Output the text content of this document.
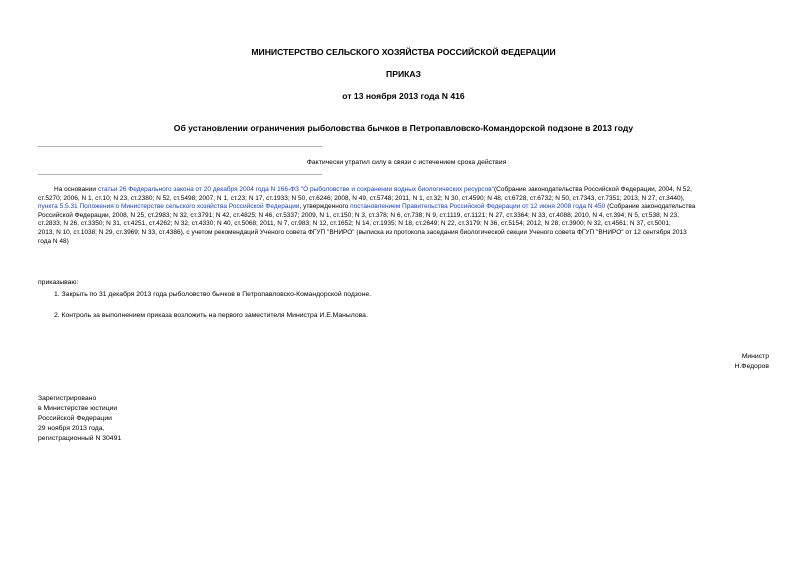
МИНИСТЕРСТВО СЕЛЬСКОГО ХОЗЯЙСТВА РОССИЙСКОЙ ФЕДЕРАЦИИ
ПРИКАЗ
от 13 ноября 2013 года N 416
Об установлении ограничения рыболовства бычков в Петропавловско-Командорской подзоне в 2013 году
Фактически утратил силу в связи с истечением срока действия
На основании статьи 26 Федерального закона от 20 декабря 2004 года N 166-ФЗ "О рыболовстве и сохранении водных биологических ресурсов"(Собрание законодательства Российской Федерации, 2004, N 52,
ст.5270; 2006, N 1, ст.10; N 23, ст.2380; N 52, ст.5498; 2007, N 1, ст.23; N 17, ст.1933; N 50, ст.6246; 2008, N 49, ст.5748; 2011, N 1, ст.32; N 30, ст.4590; N 48, ст.6728, ст.6732; N 50, ст.7343, ст.7351; 2013, N 27, ст.3440),
пункта 5.5.31 Положения о Министерстве сельского хозяйства Российской Федерации, утвержденного постановлением Правительства Российской Федерации от 12 июня 2008 года N 450 (Собрание законодательства
Российской Федерации, 2008, N 25, ст.2983; N 32, ст.3791; N 42, ст.4825; N 46, ст.5337; 2009, N 1, ст.150; N 3, ст.378; N 6, ст.738; N 9, ст.1119, ст.1121; N 27, ст.3364; N 33, ст.4088; 2010, N 4, ст.394; N 5, ст.538; N 23,
ст.2833; N 26, ст.3350; N 31, ст.4251, ст.4262; N 32, ст.4330; N 40, ст.5068; 2011, N 7, ст.983; N 12, ст.1652; N 14, ст.1935; N 18, ст.2649; N 22, ст.3179; N 36, ст.5154; 2012, N 28, ст.3900; N 32, ст.4561; N 37, ст.5001;
2013, N 10, ст.1038; N 29, ст.3969; N 33, ст.4386), с учетом рекомендаций Ученого совета ФГУП "ВНИРО" (выписка из протокола заседания биологической секции Ученого совета ФГУП "ВНИРО" от 12 сентября 2013
года N 48)
приказываю:
1. Закрыть по 31 декабря 2013 года рыболовство бычков в Петропавловско-Командорской подзоне.
2. Контроль за выполнением приказа возложить на первого заместителя Министра И.Е.Манылова.
Министр
Н.Федоров
Зарегистрировано
в Министерстве юстиции
Российской Федерации
29 ноября 2013 года,
регистрационный N 30491
